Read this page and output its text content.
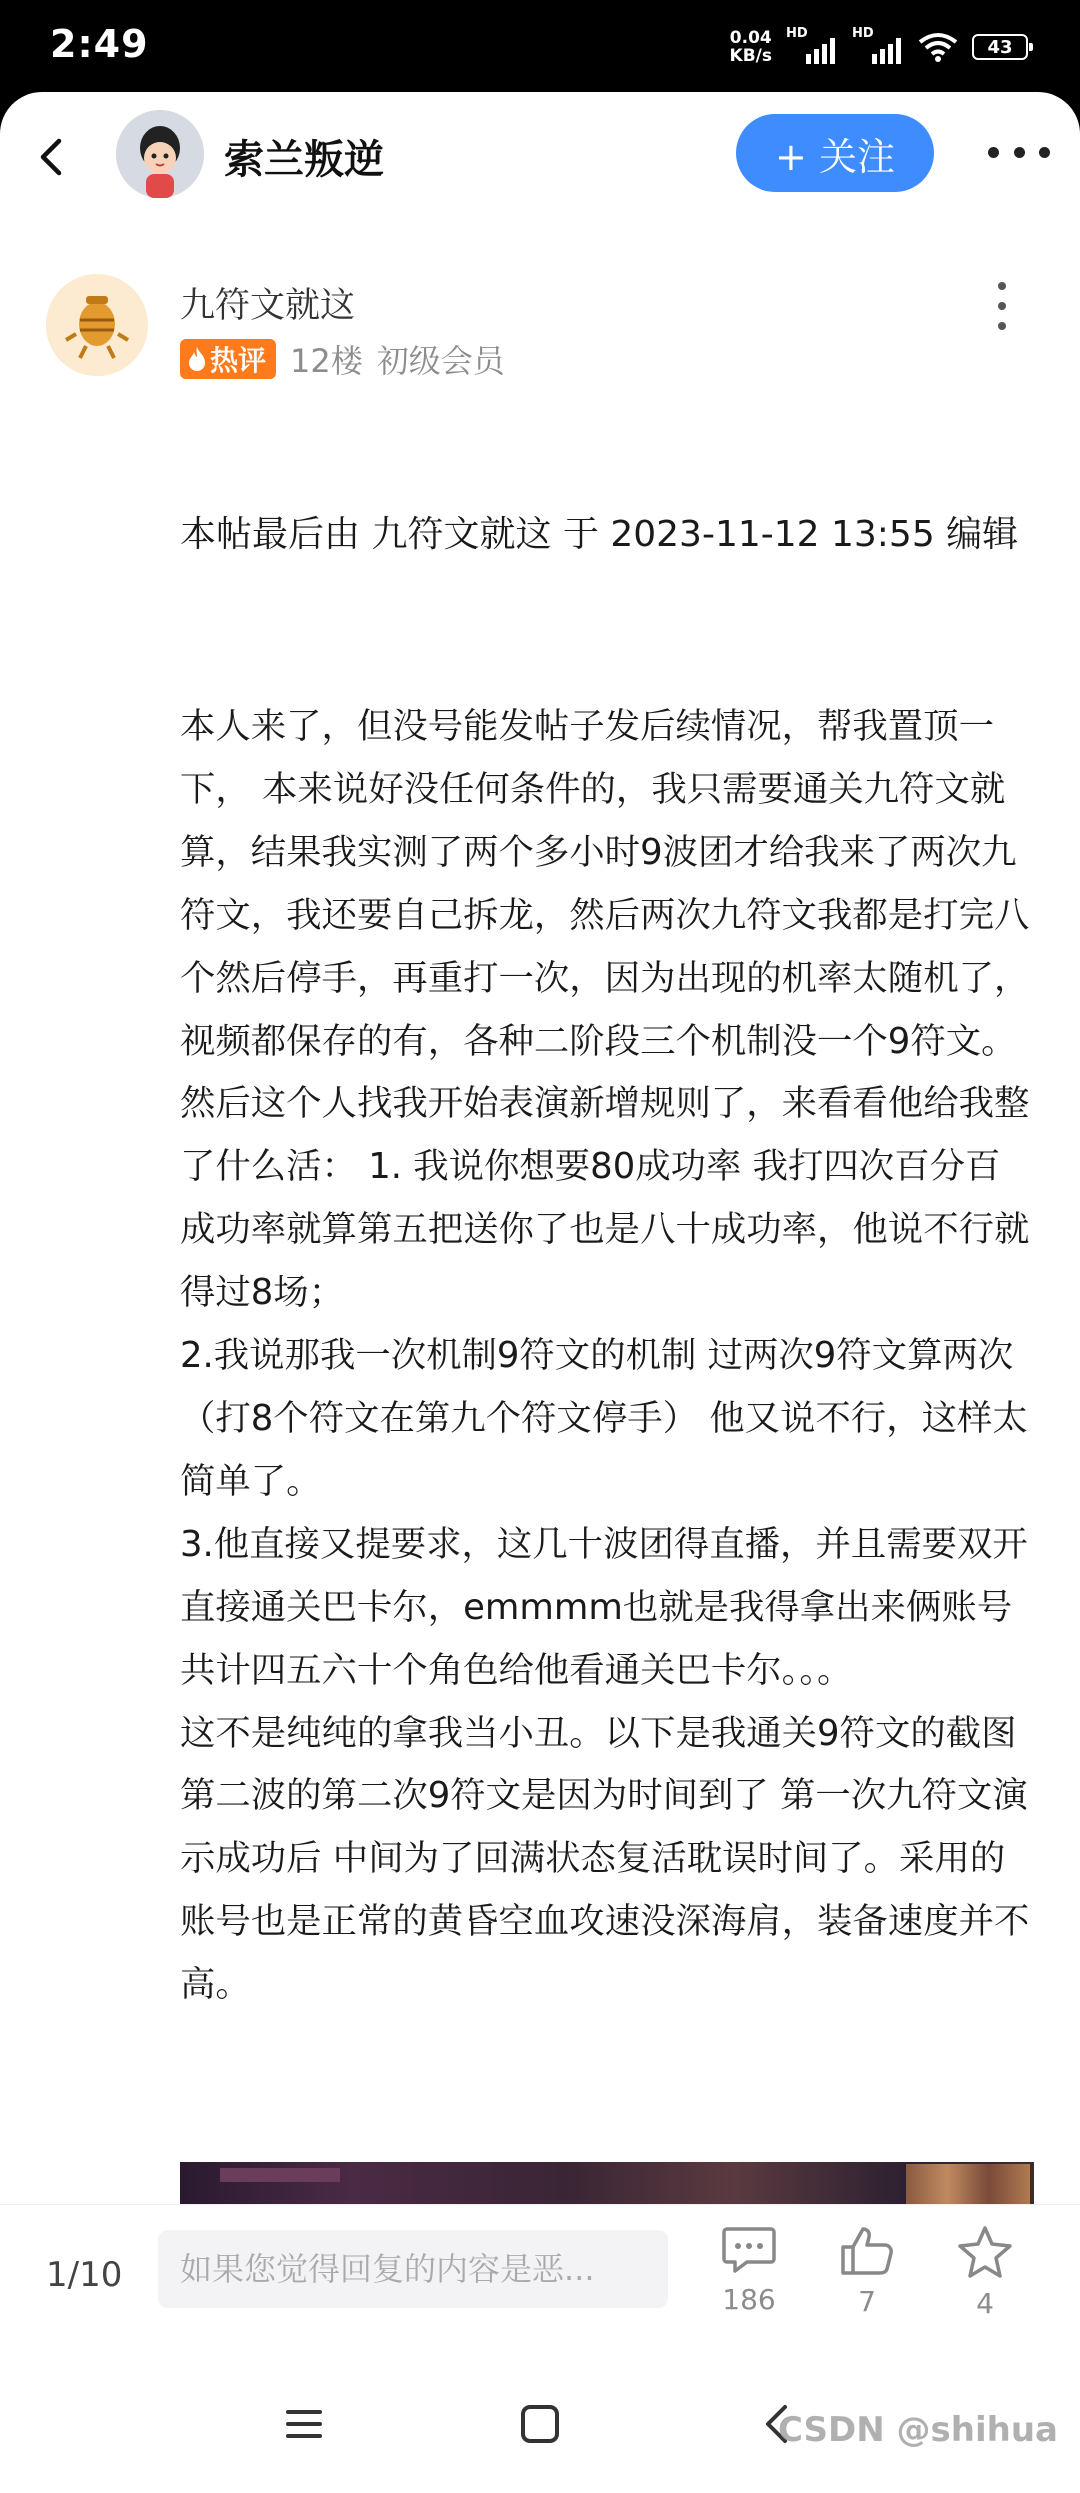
2:49	0.04
KB/s
HD	HD
43
索兰叛逆	+ 关注
九符文就这
热评 12楼 初级会员
本帖最后由 九符文就这 于 2023-11-12 13:55 编辑
本人来了，但没号能发帖子发后续情况，帮我置顶一下， 本来说好没任何条件的，我只需要通关九符文就算，结果我实测了两个多小时9波团才给我来了两次九符文，我还要自己拆龙，然后两次九符文我都是打完八个然后停手，再重打一次，因为出现的机率太随机了，视频都保存的有，各种二阶段三个机制没一个9符文。然后这个人找我开始表演新增规则了，来看看他给我整了什么活： 1. 我说你想要80成功率 我打四次百分百成功率就算第五把送你了也是八十成功率，他说不行就得过8场；
2.我说那我一次机制9符文的机制 过两次9符文算两次（打8个符文在第九个符文停手） 他又说不行，这样太简单了。
3.他直接又提要求，这几十波团得直播，并且需要双开直接通关巴卡尔，emmmm也就是我得拿出来俩账号共计四五六十个角色给他看通关巴卡尔。。。
这不是纯纯的拿我当小丑。以下是我通关9符文的截图 第二波的第二次9符文是因为时间到了 第一次九符文演示成功后 中间为了回满状态复活耽误时间了。采用的账号也是正常的黄昏空血攻速没深海肩，装备速度并不高。
1/10	如果您觉得回复的内容是恶...
186	7	4
CSDN @shihua
